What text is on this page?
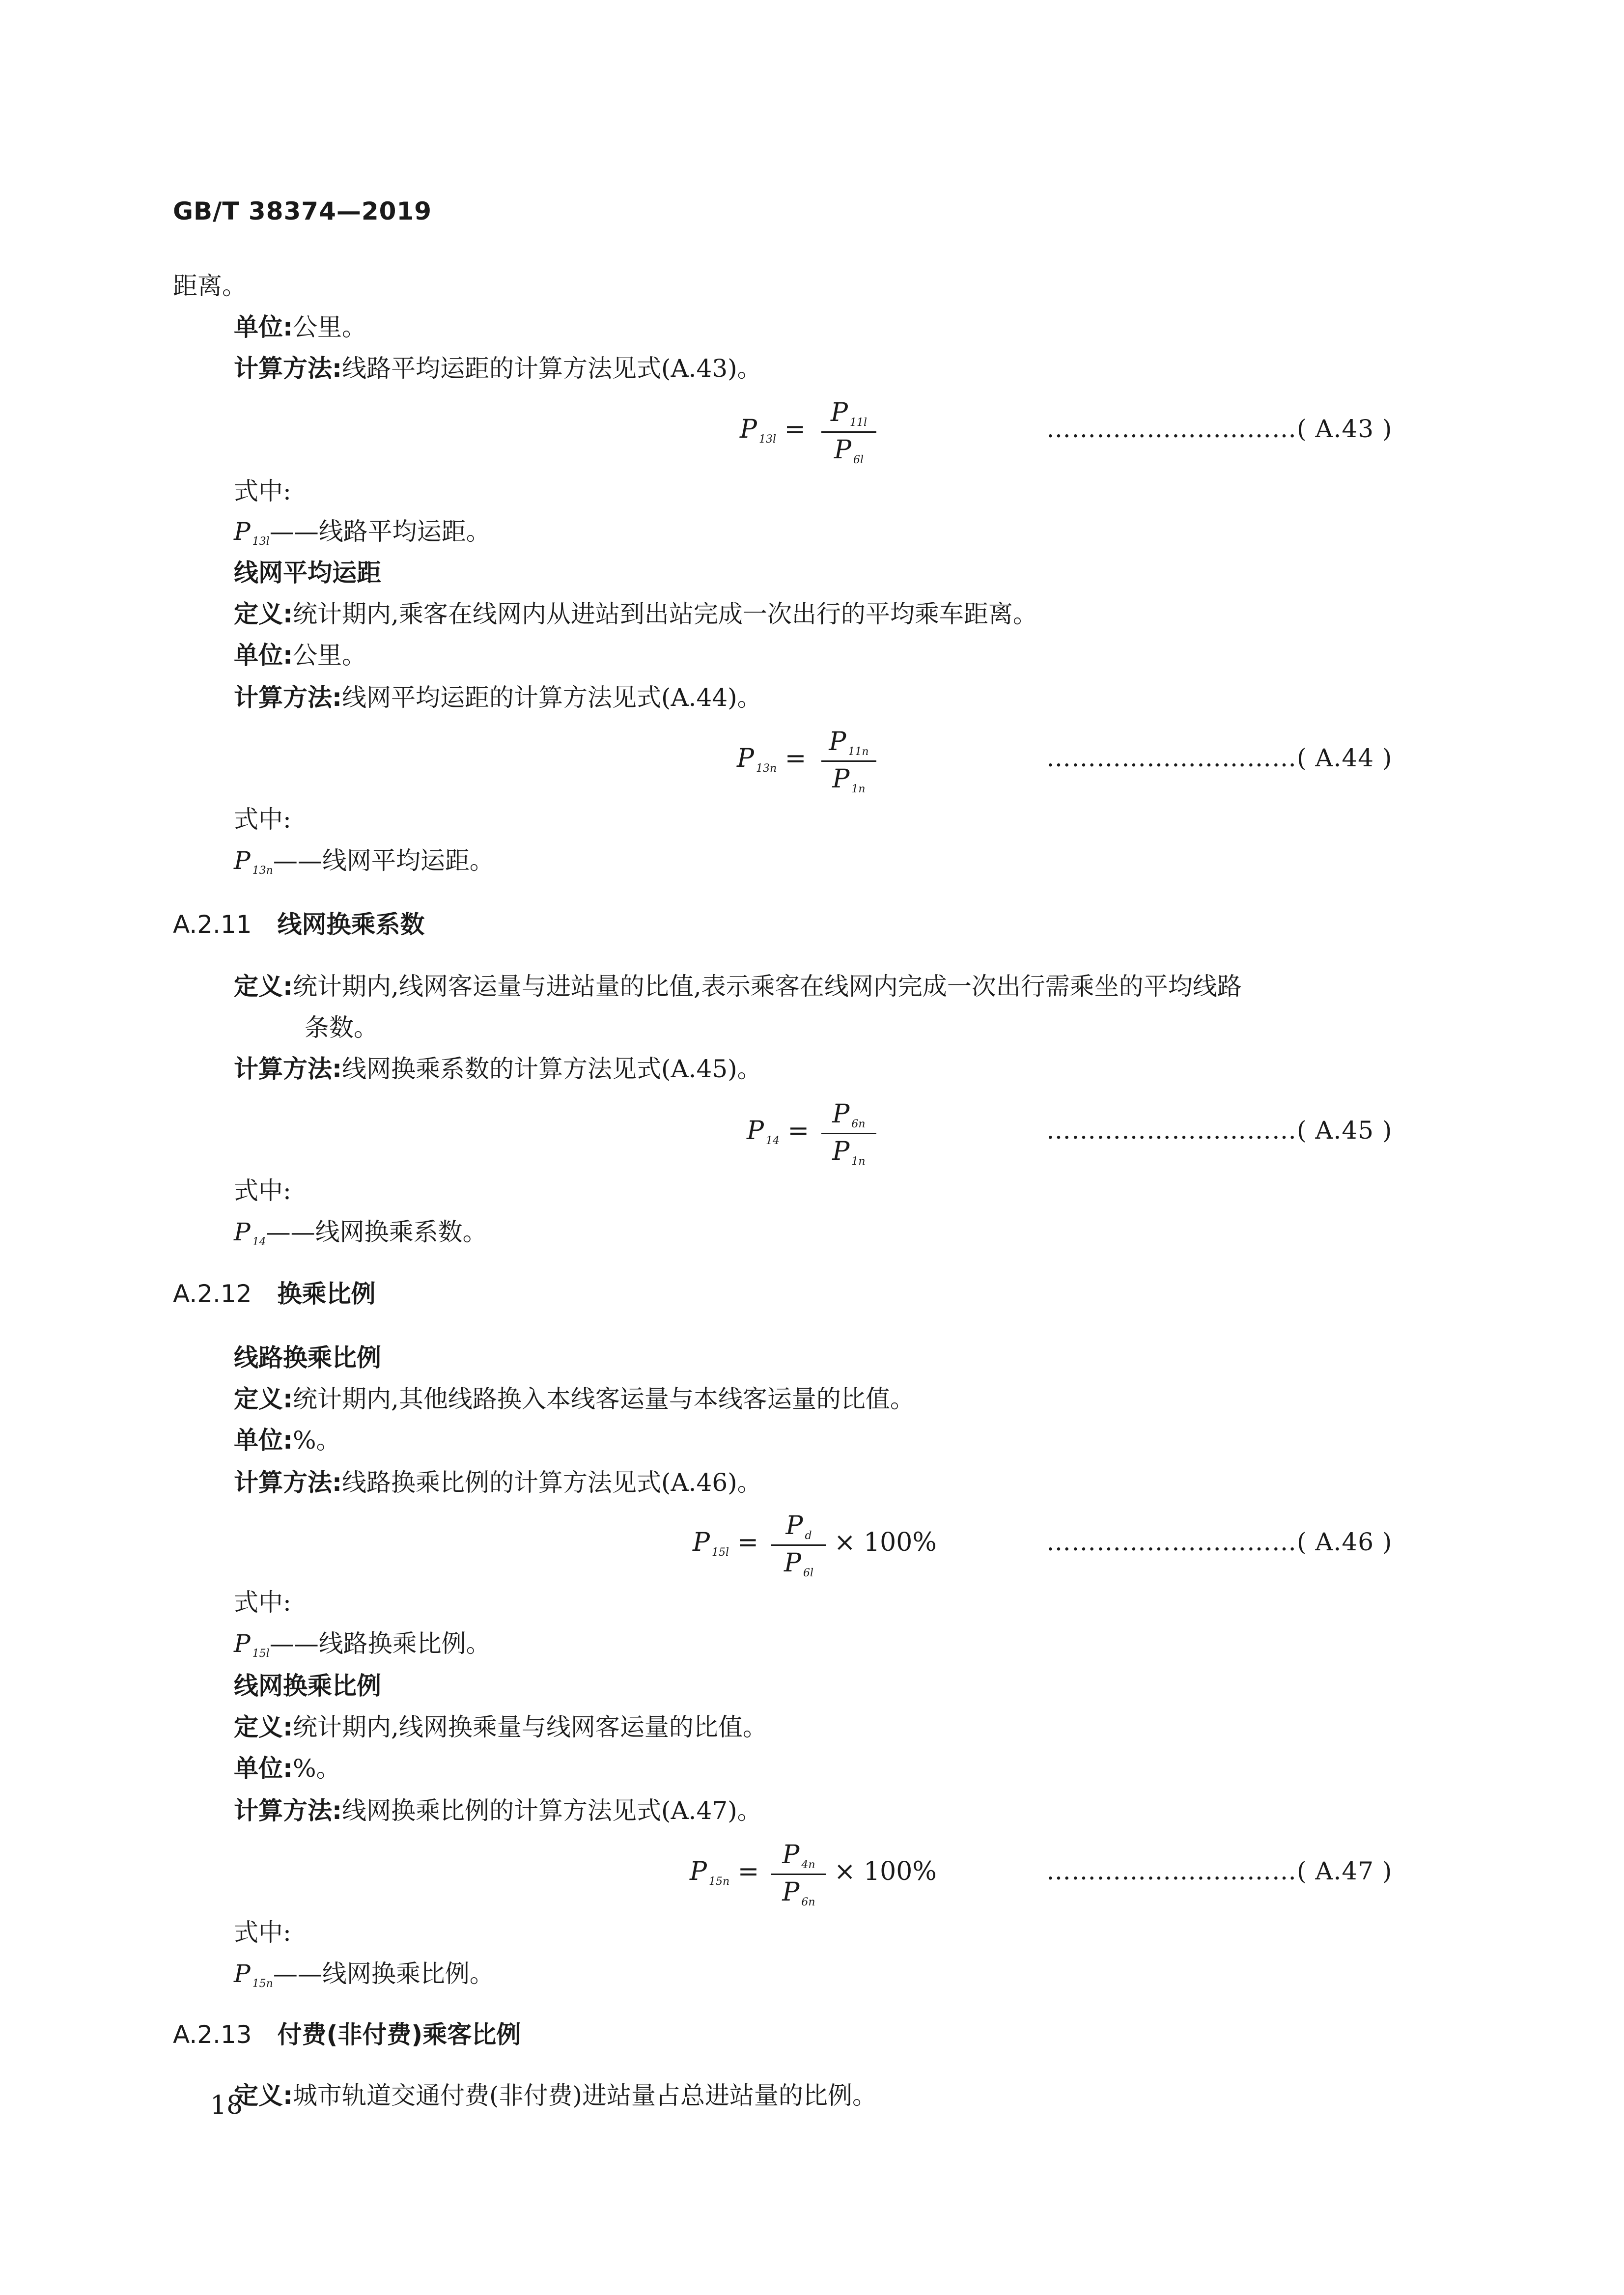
GB/T 38374—2019
距离。
单位:公里。
计算方法:线路平均运距的计算方法见式(A.43)。
P $_{13l}$ =
P $_{11l}$
P $_{6l}$
…………………………( A.43 )
式中:
P $_{13l}$——线路平均运距。
线网平均运距
定义:统计期内,乘客在线网内从进站到出站完成一次出行的平均乘车距离。
单位:公里。
计算方法:线网平均运距的计算方法见式(A.44)。
P $_{13n}$ =
P $_{11n}$
P $_{1n}$
…………………………( A.44 )
式中:
P $_{13n}$——线网平均运距。
A.2.11 线网换乘系数
定义:统计期内,线网客运量与进站量的比值,表示乘客在线网内完成一次出行需乘坐的平均线路
条数。
计算方法:线网换乘系数的计算方法见式(A.45)。
P $_{14}$ =
P $_{6n}$
P $_{1n}$
…………………………( A.45 )
式中:
P $_{14}$——线网换乘系数。
A.2.12 换乘比例
线路换乘比例
定义:统计期内,其他线路换入本线客运量与本线客运量的比值。
单位:%。
计算方法:线路换乘比例的计算方法见式(A.46)。
P $_{15l}$ =
P $_d$
P $_{6l}$
× 100%	…………………………( A.46 )
式中:
P $_{15l}$——线路换乘比例。
线网换乘比例
定义:统计期内,线网换乘量与线网客运量的比值。
单位:%。
计算方法:线网换乘比例的计算方法见式(A.47)。
P $_{15n}$ =
P $_{4n}$
P $_{6n}$
× 100%	…………………………( A.47 )
式中:
P $_{15n}$——线网换乘比例。
A.2.13 付费(非付费)乘客比例
定义:城市轨道交通付费(非付费)进站量占总进站量的比例。
18
